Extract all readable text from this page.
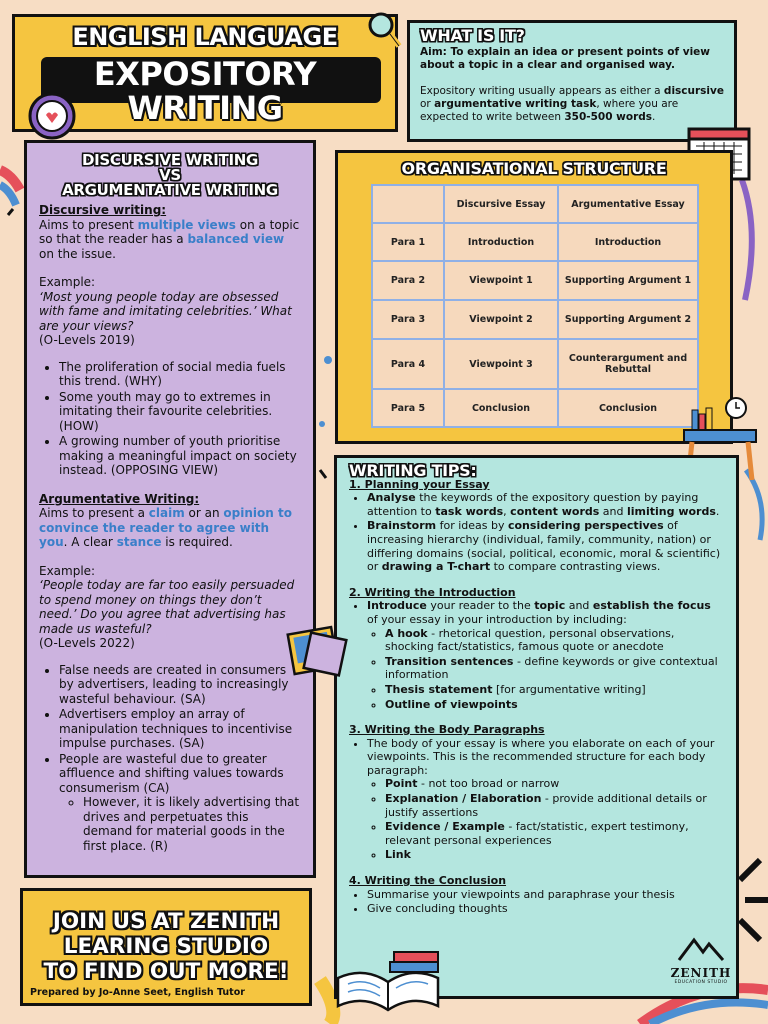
ENGLISH LANGUAGE
EXPOSITORY
WRITING
WHAT IS IT?
Aim: To explain an idea or present points of view about a topic in a clear and organised way.

Expository writing usually appears as either a discursive or argumentative writing task, where you are expected to write between 350-500 words.

DISCURSIVE WRITING
VS
ARGUMENTATIVE WRITING
Discursive writing:
Aims to present multiple views on a topic so that the reader has a balanced view on the issue.
Example:
‘Most young people today are obsessed with fame and imitating celebrities.’ What are your views?
(O-Levels 2019)
• The proliferation of social media fuels this trend. (WHY)
• Some youth may go to extremes in imitating their favourite celebrities. (HOW)
• A growing number of youth prioritise making a meaningful impact on society instead. (OPPOSING VIEW)
Argumentative Writing:
Aims to present a claim or an opinion to convince the reader to agree with you. A clear stance is required.
Example:
‘People today are far too easily persuaded to spend money on things they don’t need.’ Do you agree that advertising has made us wasteful?
(O-Levels 2022)
• False needs are created in consumers by advertisers, leading to increasingly wasteful behaviour. (SA)
• Advertisers employ an array of manipulation techniques to incentivise impulse purchases. (SA)
• People are wasteful due to greater affluence and shifting values towards consumerism (CA)
◦ However, it is likely advertising that drives and perpetuates this demand for material goods in the first place. (R)
ORGANISATIONAL STRUCTURE
	Discursive Essay	Argumentative Essay
Para 1	Introduction	Introduction
Para 2	Viewpoint 1	Supporting Argument 1
Para 3	Viewpoint 2	Supporting Argument 2
Para 4	Viewpoint 3	Counterargument and Rebuttal
Para 5	Conclusion	Conclusion
WRITING TIPS:
1. Planning your Essay
• Analyse the keywords of the expository question by paying attention to task words, content words and limiting words.
• Brainstorm for ideas by considering perspectives of increasing hierarchy (individual, family, community, nation) or differing domains (social, political, economic, moral & scientific) or drawing a T-chart to compare contrasting views.
2. Writing the Introduction
• Introduce your reader to the topic and establish the focus of your essay in your introduction by including:
◦ A hook - rhetorical question, personal observations, shocking fact/statistics, famous quote or anecdote
◦ Transition sentences - define keywords or give contextual information
◦ Thesis statement [for argumentative writing]
◦ Outline of viewpoints
3. Writing the Body Paragraphs
• The body of your essay is where you elaborate on each of your viewpoints. This is the recommended structure for each body paragraph:
◦ Point - not too broad or narrow
◦ Explanation / Elaboration - provide additional details or justify assertions
◦ Evidence / Example - fact/statistic, expert testimony, relevant personal experiences
◦ Link
4. Writing the Conclusion
• Summarise your viewpoints and paraphrase your thesis
• Give concluding thoughts
JOIN US AT ZENITH
LEARING STUDIO
TO FIND OUT MORE!
Prepared by Jo-Anne Seet, English Tutor
ZENITH
EDUCATION STUDIO
